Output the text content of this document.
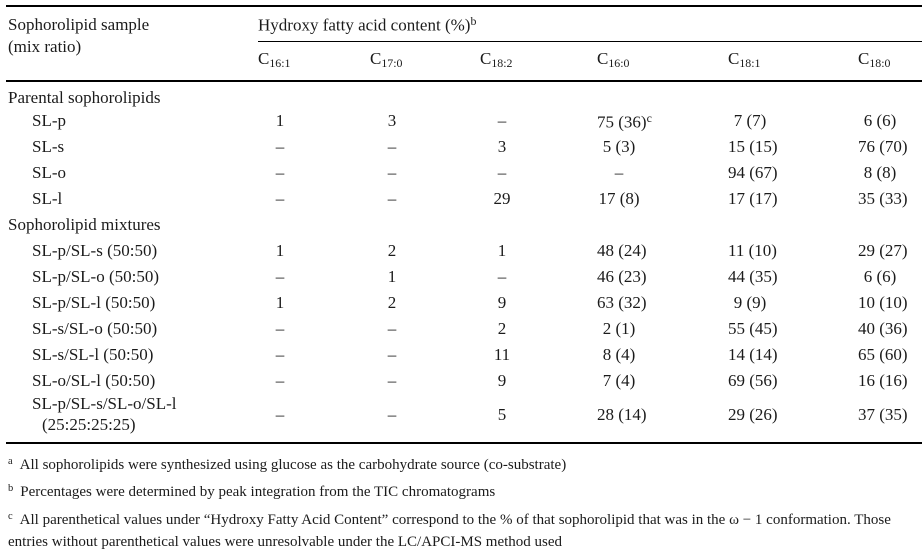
Sophorolipid sample
(mix ratio)	Hydroxy fatty acid content (%)$^b$
	$C_{16:1}$	$C_{17:0}$	$C_{18:2}$	$C_{16:0}$	$C_{18:1}$	$C_{18:0}$
Parental sophorolipids						
SL-p	1	3	–	75 $(36)^c$	7 (7)	6 (6)
SL-s	–	–	3	5 (3)	15 (15)	76 (70)
SL-o	–	–	–	–	94 (67)	8 (8)
SL-l	–	–	29	17 (8)	17 (17)	35 (33)
Sophorolipid mixtures						
SL-p/SL-s (50:50)	1	2	1	48 (24)	11 (10)	29 (27)
SL-p/SL-o (50:50)	–	1	–	46 (23)	44 (35)	6 (6)
SL-p/SL-l (50:50)	1	2	9	63 (32)	9 (9)	10 (10)
SL-s/SL-o (50:50)	–	–	2	2 (1)	55 (45)	40 (36)
SL-s/SL-l (50:50)	–	–	11	8 (4)	14 (14)	65 (60)
SL-o/SL-l (50:50)	–	–	9	7 (4)	69 (56)	16 (16)
SL-p/SL-s/SL-o/SL-l
(25:25:25:25)	–	–	5	28 (14)	29 (26)	37 (35)

$^a$ All sophorolipids were synthesized using glucose as the carbohydrate source (co-substrate)

$^b$ Percentages were determined by peak integration from the TIC chromatograms

$^c$ All parenthetical values under “Hydroxy Fatty Acid Content” correspond to the % of that sophorolipid that was in the ω − 1 conformation. Those entries without parenthetical values were unresolvable under the LC/APCI-MS method used
